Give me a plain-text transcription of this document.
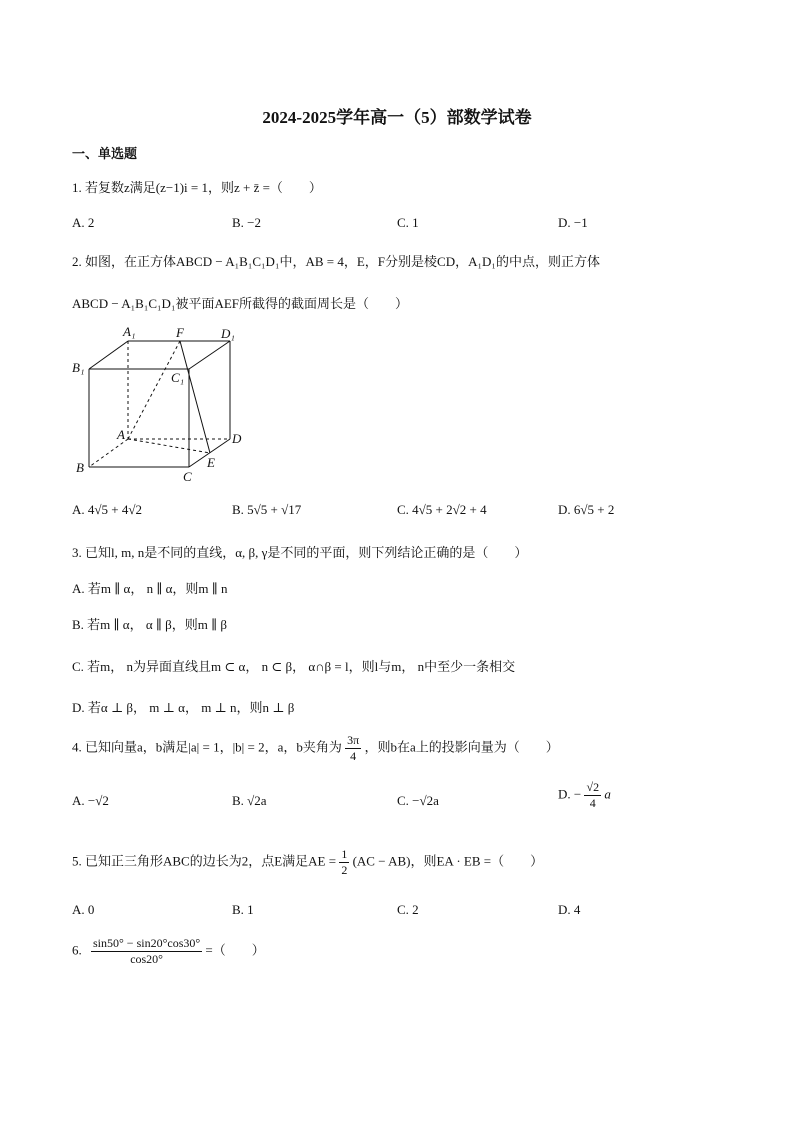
2024-2025学年高一（5）部数学试卷
一、单选题
1. 若复数z满足(z−1)i = 1，则z + z̄ =（　　）
A. 2	B. −2	C. 1	D. −1
2. 如图，在正方体ABCD − A₁B₁C₁D₁中，AB = 4，E，F分别是棱CD，A₁D₁的中点，则正方体
ABCD − A₁B₁C₁D₁被平面AEF所截得的截面周长是（　　）
A₁	F	D₁
B₁
C₁
A	D
B	E
C
A. 4√5 + 4√2	B. 5√5 + √17	C. 4√5 + 2√2 + 4	D. 6√5 + 2
3. 已知l, m, n是不同的直线，α, β, γ是不同的平面，则下列结论正确的是（　　）
A. 若m ∥ α， n ∥ α，则m ∥ n
B. 若m ∥ α， α ∥ β，则m ∥ β
C. 若m， n为异面直线且m ⊂ α， n ⊂ β， α∩β = l，则l与m， n中至少一条相交
D. 若α ⊥ β， m ⊥ α， m ⊥ n，则n ⊥ β
4. 已知向量a，b满足|a| = 1，|b| = 2，a，b夹角为 $\frac{3\pi}{4}$ ，则b在a上的投影向量为（　　）
A. −√2	B. √2a	C. −√2a	D. − $\frac{√2}{4}$ a
5. 已知正三角形ABC的边长为2，点E满足AE = $\frac{1}{2} (AC - AB)$，则EA · EB =（　　）
A. 0	B. 1	C. 2	D. 4
6. $\frac{\sin 50^\circ - \sin 20^\circ\cos 30^\circ}{\cos 20^\circ}$ =（　　）
